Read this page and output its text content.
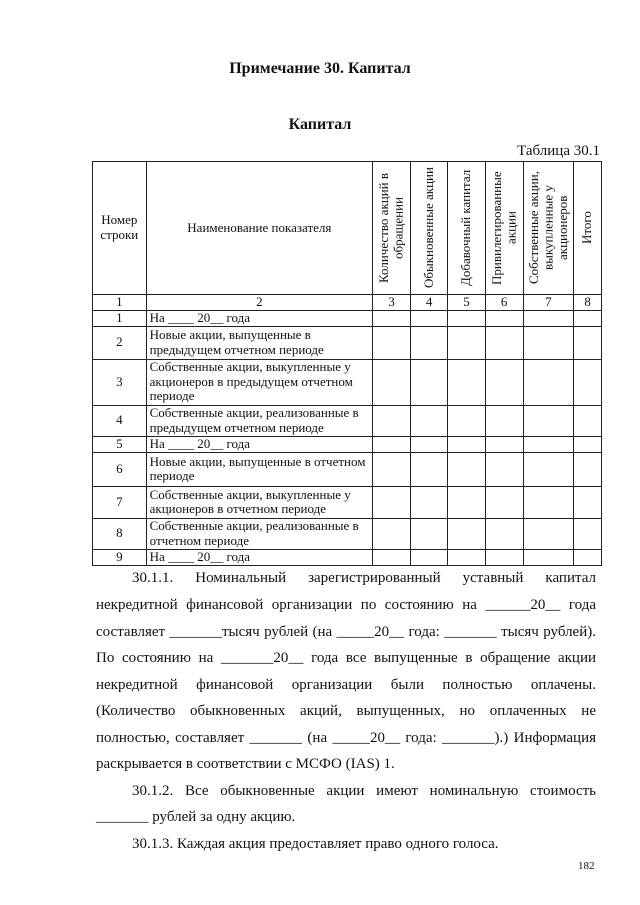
Примечание 30. Капитал
Капитал
Таблица 30.1
Номер строки	Наименование показателя	Количество акций в обращении	Обыкновенные акции	Добавочный капитал	Привилегированные акции	Собственные акции, выкупленные у акционеров	Итого

1	2	3	4	5	6	7	8
1	На ____ 20__ года						
2	Новые акции, выпущенные в предыдущем отчетном периоде						
3	Собственные акции, выкупленные у акционеров в предыдущем отчетном периоде						
4	Собственные акции, реализованные в предыдущем отчетном периоде						
5	На ____ 20__ года						
6	Новые акции, выпущенные в отчетном периоде						
7	Собственные акции, выкупленные у акционеров в отчетном периоде						
8	Собственные акции, реализованные в отчетном периоде						
9	На ____ 20__ года						
30.1.1. Номинальный зарегистрированный уставный капитал
некредитной финансовой организации по состоянию на ______20__ года
составляет _______тысяч рублей (на _____20__ года: _______ тысяч рублей).
По состоянию на _______20__ года все выпущенные в обращение акции
некредитной финансовой организации были полностью оплачены.
(Количество обыкновенных акций, выпущенных, но оплаченных не
полностью, составляет _______ (на _____20__ года: _______).) Информация
раскрывается в соответствии с МСФО (IAS) 1.
30.1.2. Все обыкновенные акции имеют номинальную стоимость
_______ рублей за одну акцию.
30.1.3. Каждая акция предоставляет право одного голоса.
182
